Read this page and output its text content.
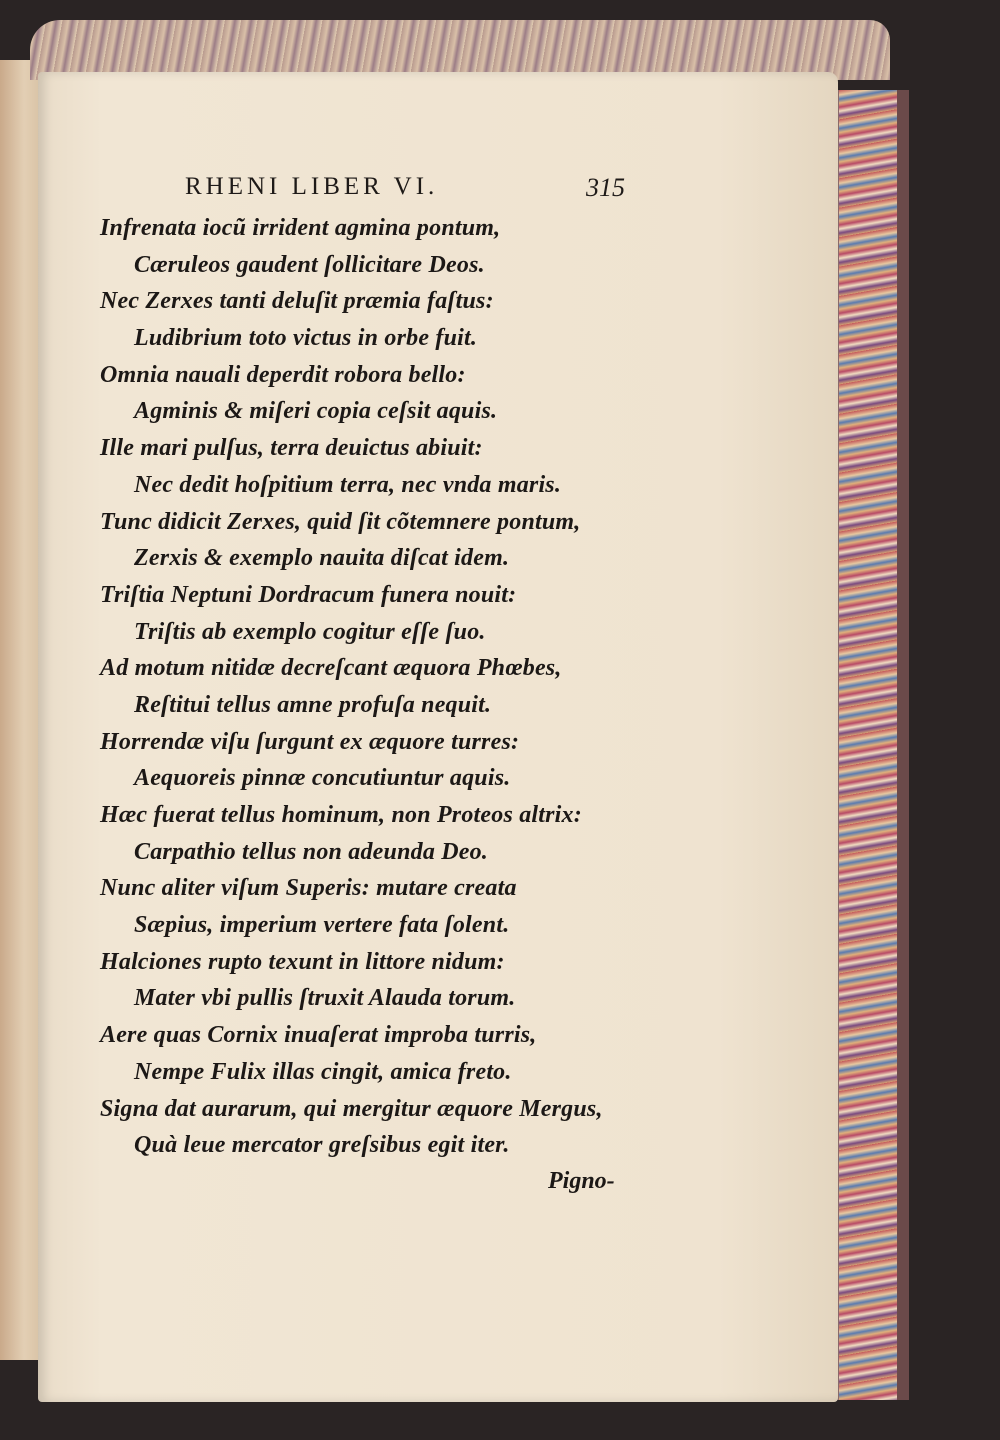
RHENI LIBER VI.	315
Infrenata iocũ irrident agmina pontum,
Cæruleos gaudent ſollicitare Deos.
Nec Zerxes tanti deluſit præmia faſtus:
Ludibrium toto victus in orbe fuit.
Omnia nauali deperdit robora bello:
Agminis & miſeri copia ceſsit aquis.
Ille mari pulſus, terra deuictus abiuit:
Nec dedit hoſpitium terra, nec vnda maris.
Tunc didicit Zerxes, quid ſit cõtemnere pontum,
Zerxis & exemplo nauita diſcat idem.
Triſtia Neptuni Dordracum funera nouit:
Triſtis ab exemplo cogitur eſſe ſuo.
Ad motum nitidæ decreſcant æquora Phœbes,
Reſtitui tellus amne profuſa nequit.
Horrendæ viſu ſurgunt ex æquore turres:
Aequoreis pinnæ concutiuntur aquis.
Hæc fuerat tellus hominum, non Proteos altrix:
Carpathio tellus non adeunda Deo.
Nunc aliter viſum Superis: mutare creata
Sæpius, imperium vertere fata ſolent.
Halciones rupto texunt in littore nidum:
Mater vbi pullis ſtruxit Alauda torum.
Aere quas Cornix inuaſerat improba turris,
Nempe Fulix illas cingit, amica freto.
Signa dat aurarum, qui mergitur æquore Mergus,
Quà leue mercator greſsibus egit iter.
Pigno-
